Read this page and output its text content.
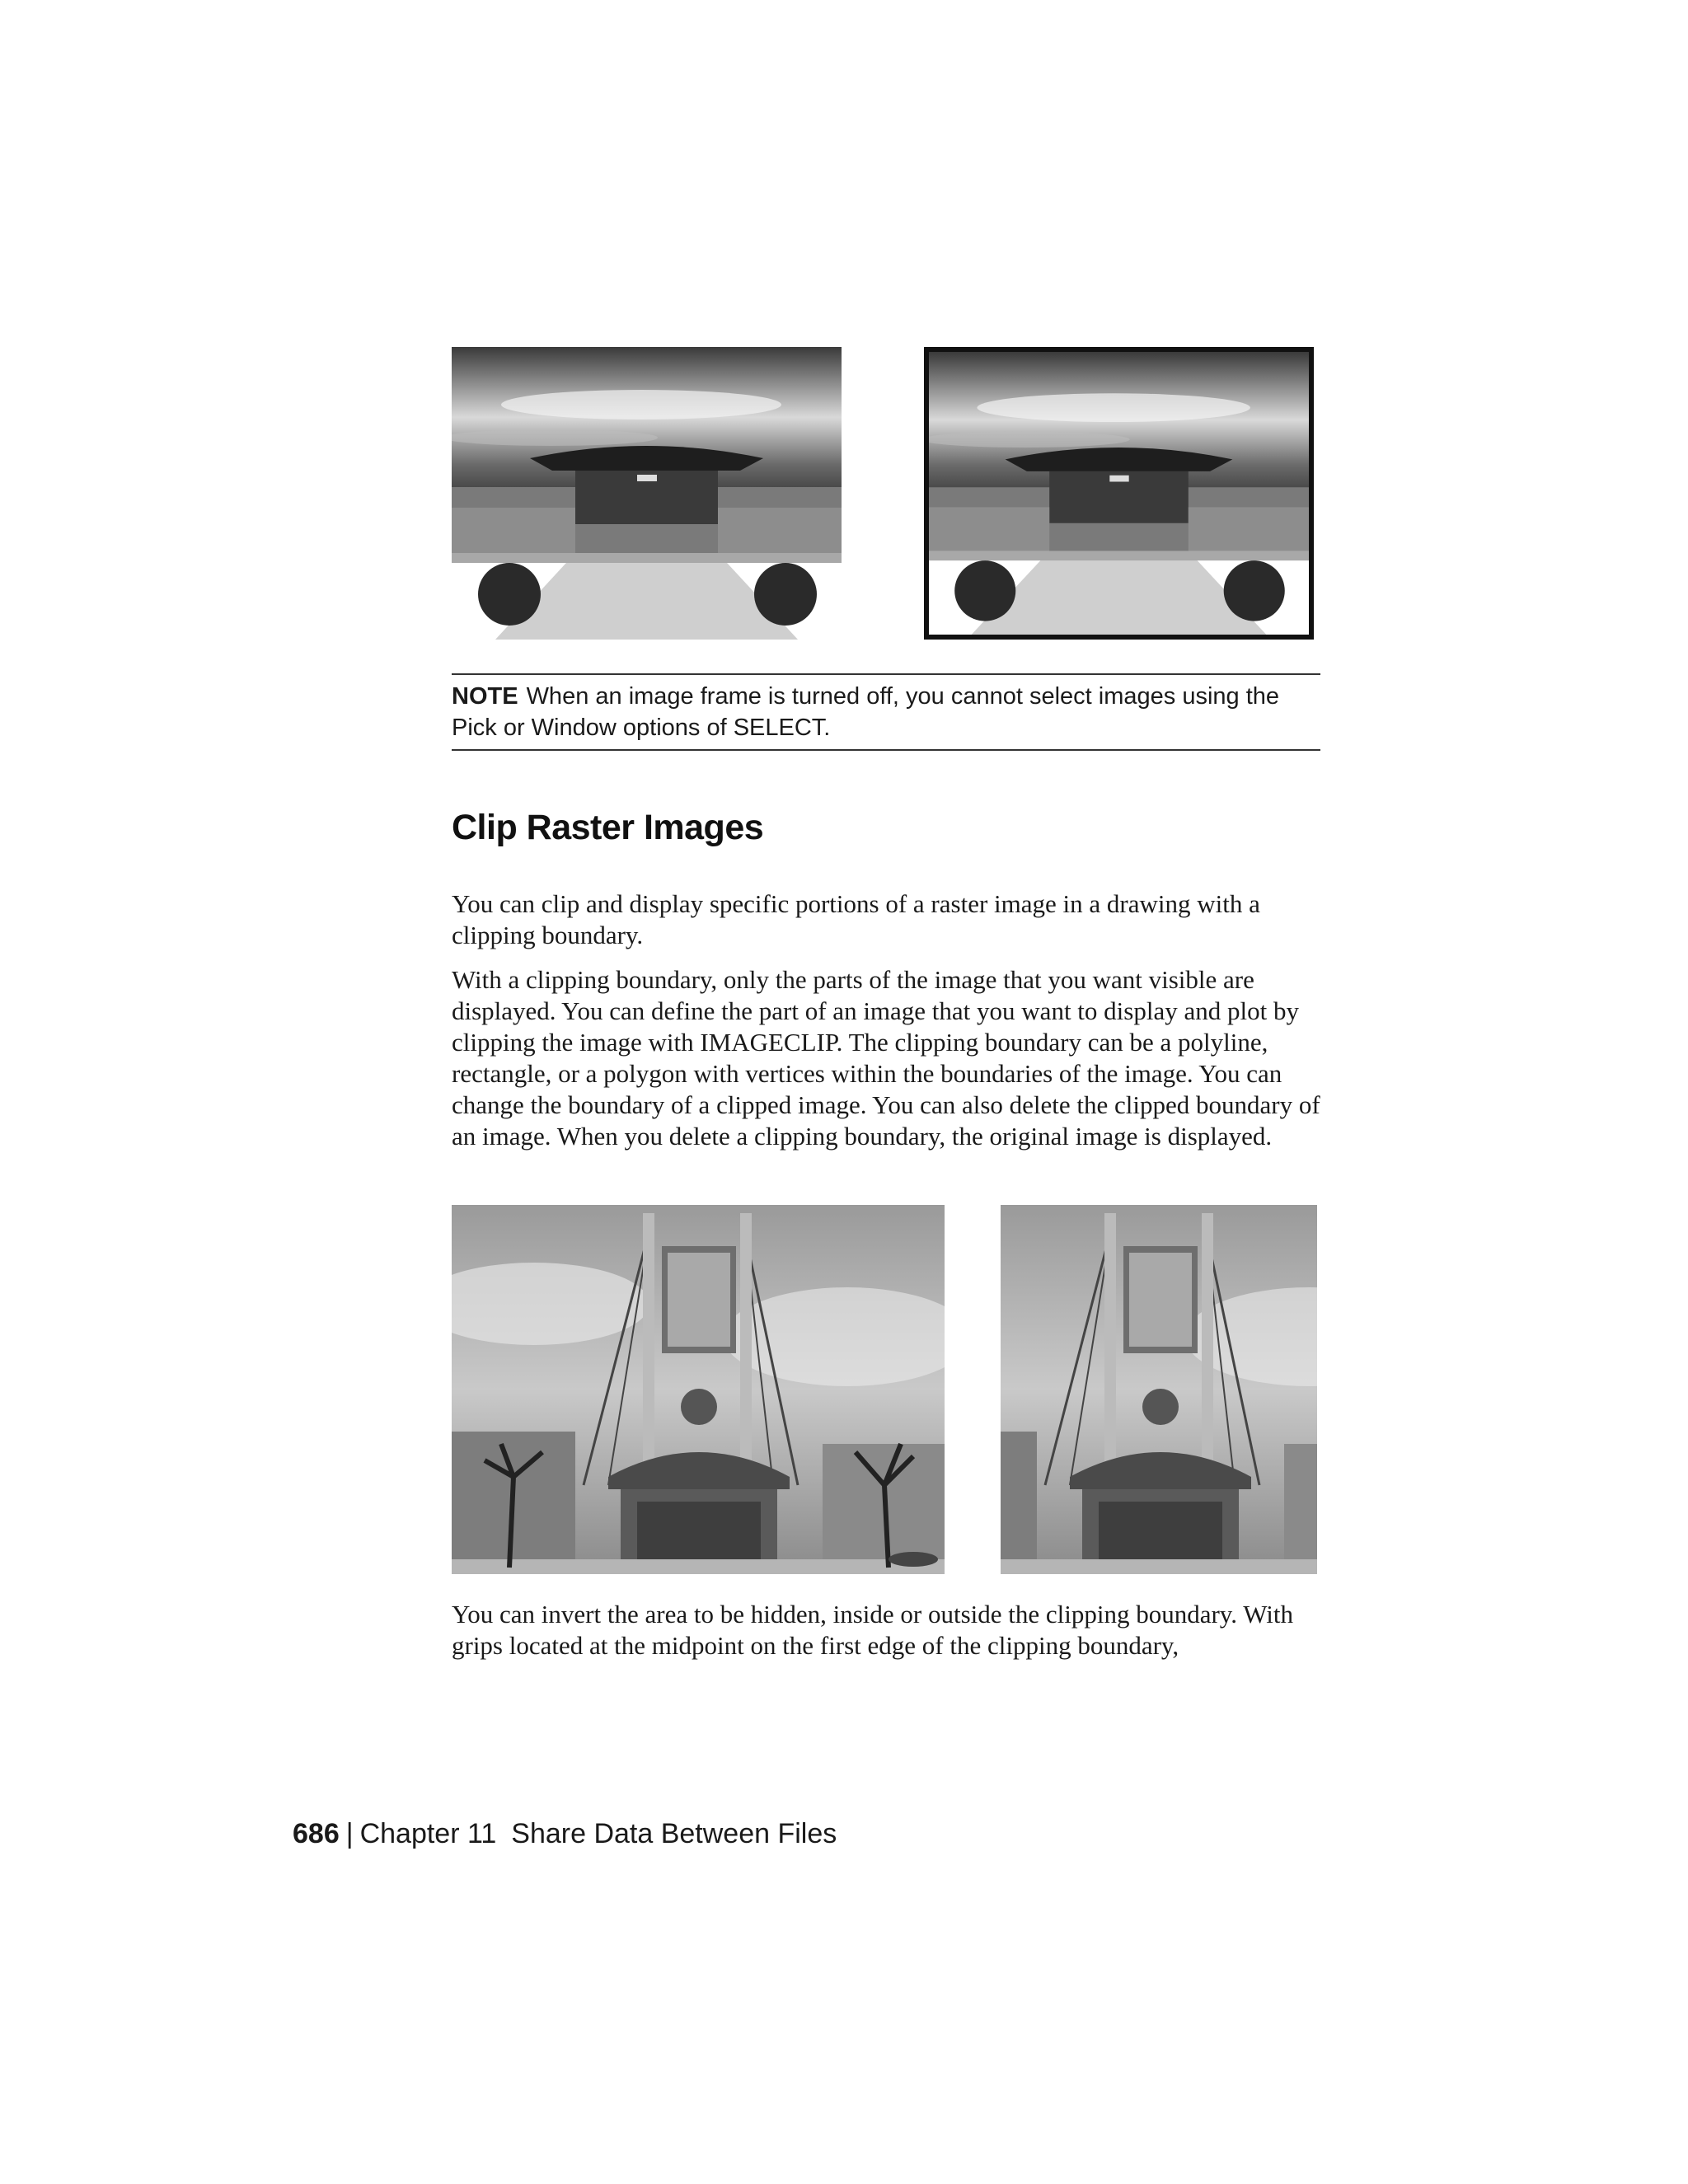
NOTE When an image frame is turned off, you cannot select images using the Pick or Window options of SELECT.
Clip Raster Images

You can clip and display specific portions of a raster image in a drawing with a clipping boundary.

With a clipping boundary, only the parts of the image that you want visible are displayed. You can define the part of an image that you want to display and plot by clipping the image with IMAGECLIP. The clipping boundary can be a polyline, rectangle, or a polygon with vertices within the boundaries of the image. You can change the boundary of a clipped image. You can also delete the clipped boundary of an image. When you delete a clipping boundary, the original image is displayed.

You can invert the area to be hidden, inside or outside the clipping boundary. With grips located at the midpoint on the first edge of the clipping boundary,

686 | Chapter 11 Share Data Between Files
